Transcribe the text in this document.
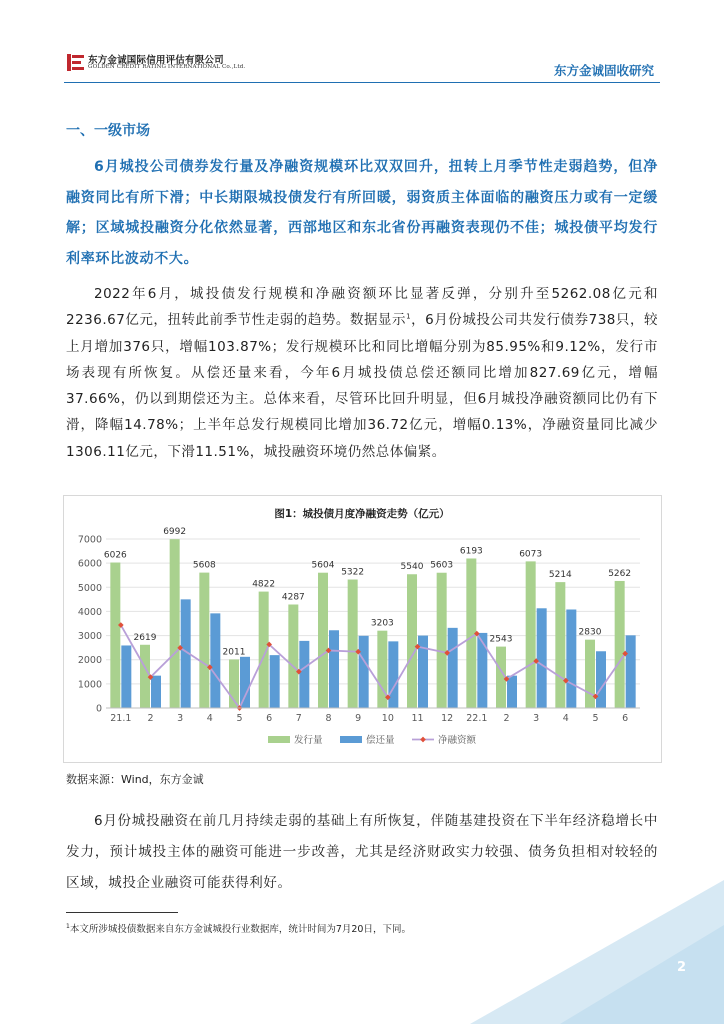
东方金诚国际信用评估有限公司
GOLDEN CREDIT RATING INTERNATIONAL Co.,Ltd.	东方金诚固收研究
一、一级市场
6月城投公司债券发行量及净融资规模环比双双回升，扭转上月季节性走弱趋势，但净融资同比有所下滑；中长期限城投债发行有所回暖，弱资质主体面临的融资压力或有一定缓解；区域城投融资分化依然显著，西部地区和东北省份再融资表现仍不佳；城投债平均发行利率环比波动不大。
2022年6月，城投债发行规模和净融资额环比显著反弹，分别升至5262.08亿元和2236.67亿元，扭转此前季节性走弱的趋势。数据显示$^1$，6月份城投公司共发行债券738只，较上月增加376只，增幅103.87%；发行规模环比和同比增幅分别为85.95%和9.12%，发行市场表现有所恢复。从偿还量来看，今年6月城投债总偿还额同比增加827.69亿元，增幅37.66%，仍以到期偿还为主。总体来看，尽管环比回升明显，但6月城投净融资额同比仍有下滑，降幅14.78%；上半年总发行规模同比增加36.72亿元，增幅0.13%，净融资量同比减少1306.11亿元，下滑11.51%，城投融资环境仍然总体偏紧。
图1：城投债月度净融资走势（亿元）
6026
2619
6992
5608
2011
4822
4287
5604
5322
3203
5540 5603
6193
2543
6073
5214
2830
5262
0
1000
2000
3000
4000
5000
6000
7000
21.1 2 3 4 5 6 7 8 9 10 11 12 22.1 2 3 4 5 6
发行量	偿还量	净融资额
数据来源：Wind，东方金诚
6月份城投融资在前几月持续走弱的基础上有所恢复，伴随基建投资在下半年经济稳增长中发力，预计城投主体的融资可能进一步改善，尤其是经济财政实力较强、债务负担相对较轻的区域，城投企业融资可能获得利好。
$^1$本文所涉城投债数据来自东方金诚城投行业数据库，统计时间为7月20日，下同。
2
